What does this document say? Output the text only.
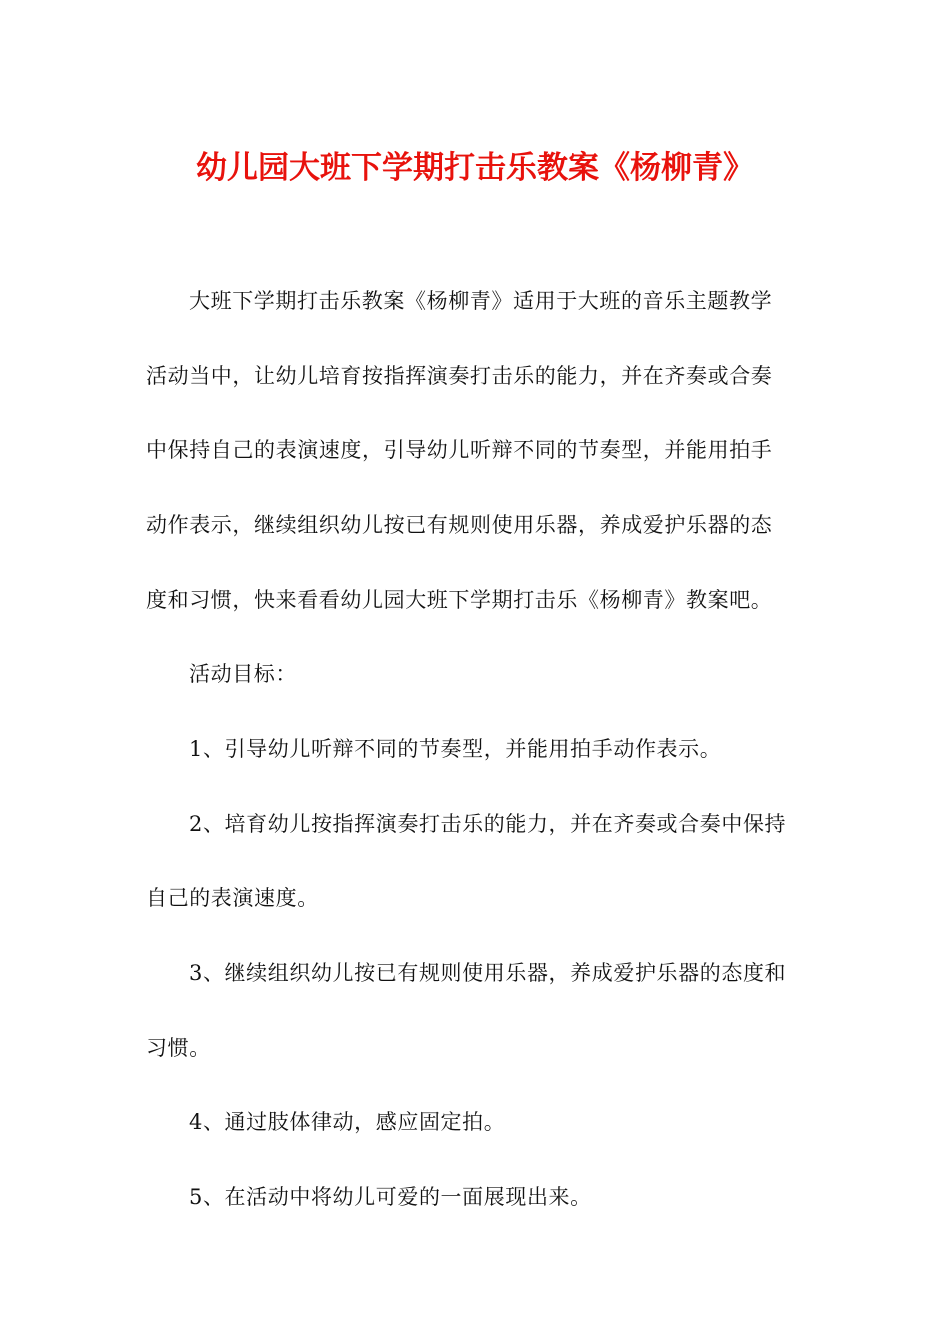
幼儿园大班下学期打击乐教案《杨柳青》

大班下学期打击乐教案《杨柳青》适用于大班的音乐主题教学

活动当中，让幼儿培育按指挥演奏打击乐的能力，并在齐奏或合奏

中保持自己的表演速度，引导幼儿听辩不同的节奏型，并能用拍手

动作表示，继续组织幼儿按已有规则使用乐器，养成爱护乐器的态

度和习惯，快来看看幼儿园大班下学期打击乐《杨柳青》教案吧。

活动目标：

1、引导幼儿听辩不同的节奏型，并能用拍手动作表示。

2、培育幼儿按指挥演奏打击乐的能力，并在齐奏或合奏中保持

自己的表演速度。

3、继续组织幼儿按已有规则使用乐器，养成爱护乐器的态度和

习惯。

4、通过肢体律动，感应固定拍。

5、在活动中将幼儿可爱的一面展现出来。
